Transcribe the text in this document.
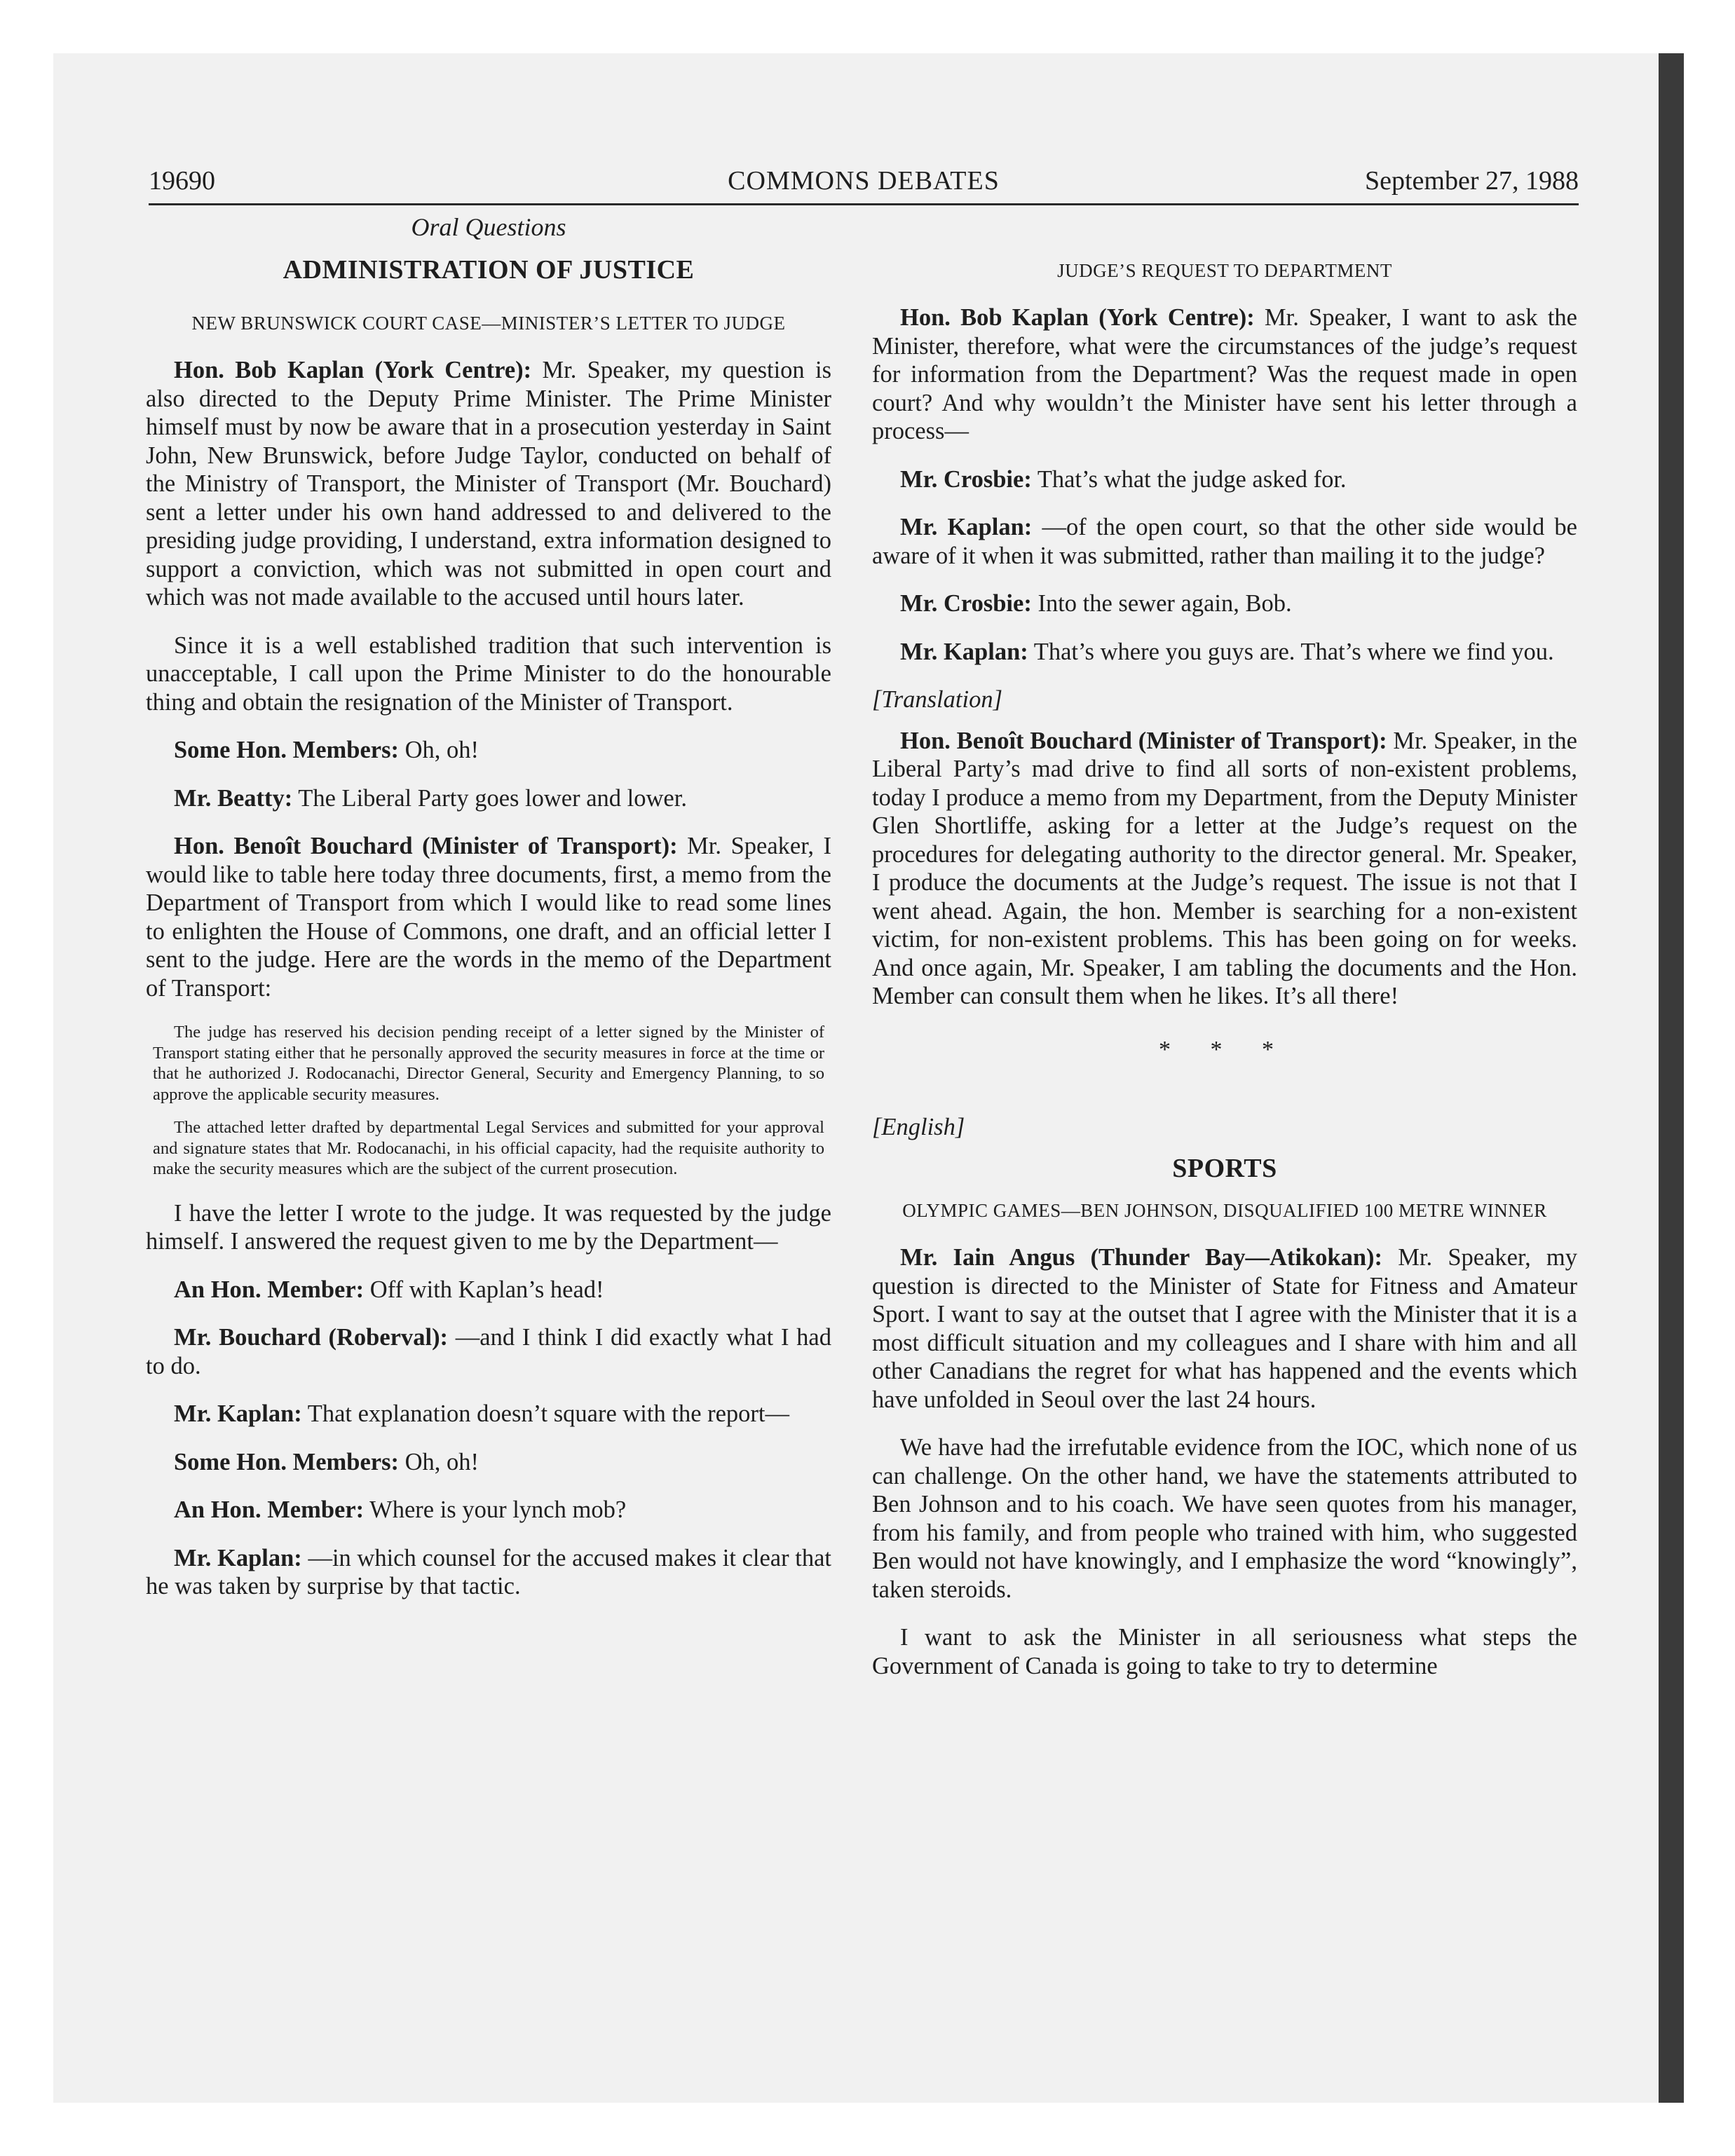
19690	COMMONS DEBATES	September 27, 1988
Oral Questions
ADMINISTRATION OF JUSTICE
NEW BRUNSWICK COURT CASE—MINISTER’S LETTER TO JUDGE

Hon. Bob Kaplan (York Centre): Mr. Speaker, my question is also directed to the Deputy Prime Minister. The Prime Minister himself must by now be aware that in a prosecution yesterday in Saint John, New Brunswick, before Judge Taylor, conducted on behalf of the Ministry of Transport, the Minister of Transport (Mr. Bouchard) sent a letter under his own hand addressed to and delivered to the presiding judge providing, I understand, extra information designed to support a conviction, which was not submitted in open court and which was not made available to the accused until hours later.

Since it is a well established tradition that such intervention is unacceptable, I call upon the Prime Minister to do the honourable thing and obtain the resignation of the Minister of Transport.

Some Hon. Members: Oh, oh!

Mr. Beatty: The Liberal Party goes lower and lower.

Hon. Benoît Bouchard (Minister of Transport): Mr. Speaker, I would like to table here today three documents, first, a memo from the Department of Transport from which I would like to read some lines to enlighten the House of Commons, one draft, and an official letter I sent to the judge. Here are the words in the memo of the Department of Transport:

The judge has reserved his decision pending receipt of a letter signed by the Minister of Transport stating either that he personally approved the security measures in force at the time or that he authorized J. Rodocanachi, Director General, Security and Emergency Planning, to so approve the applicable security measures.
The attached letter drafted by departmental Legal Services and submitted for your approval and signature states that Mr. Rodocanachi, in his official capacity, had the requisite authority to make the security measures which are the subject of the current prosecution.

I have the letter I wrote to the judge. It was requested by the judge himself. I answered the request given to me by the Department—

An Hon. Member: Off with Kaplan’s head!

Mr. Bouchard (Roberval): —and I think I did exactly what I had to do.

Mr. Kaplan: That explanation doesn’t square with the report—

Some Hon. Members: Oh, oh!

An Hon. Member: Where is your lynch mob?

Mr. Kaplan: —in which counsel for the accused makes it clear that he was taken by surprise by that tactic.

JUDGE’S REQUEST TO DEPARTMENT

Hon. Bob Kaplan (York Centre): Mr. Speaker, I want to ask the Minister, therefore, what were the circumstances of the judge’s request for information from the Department? Was the request made in open court? And why wouldn’t the Minister have sent his letter through a process—

Mr. Crosbie: That’s what the judge asked for.

Mr. Kaplan: —of the open court, so that the other side would be aware of it when it was submitted, rather than mailing it to the judge?

Mr. Crosbie: Into the sewer again, Bob.

Mr. Kaplan: That’s where you guys are. That’s where we find you.

[Translation]

Hon. Benoît Bouchard (Minister of Transport): Mr. Speaker, in the Liberal Party’s mad drive to find all sorts of non-existent problems, today I produce a memo from my Department, from the Deputy Minister Glen Shortliffe, asking for a letter at the Judge’s request on the procedures for delegating authority to the director general. Mr. Speaker, I produce the documents at the Judge’s request. The issue is not that I went ahead. Again, the hon. Member is searching for a non-existent victim, for non-existent problems. This has been going on for weeks. And once again, Mr. Speaker, I am tabling the documents and the Hon. Member can consult them when he likes. It’s all there!

* * *
[English]
SPORTS
OLYMPIC GAMES—BEN JOHNSON, DISQUALIFIED 100 METRE WINNER

Mr. Iain Angus (Thunder Bay—Atikokan): Mr. Speaker, my question is directed to the Minister of State for Fitness and Amateur Sport. I want to say at the outset that I agree with the Minister that it is a most difficult situation and my colleagues and I share with him and all other Canadians the regret for what has happened and the events which have unfolded in Seoul over the last 24 hours.

We have had the irrefutable evidence from the IOC, which none of us can challenge. On the other hand, we have the statements attributed to Ben Johnson and to his coach. We have seen quotes from his manager, from his family, and from people who trained with him, who suggested Ben would not have knowingly, and I emphasize the word “knowingly”, taken steroids.

I want to ask the Minister in all seriousness what steps the Government of Canada is going to take to try to determine
